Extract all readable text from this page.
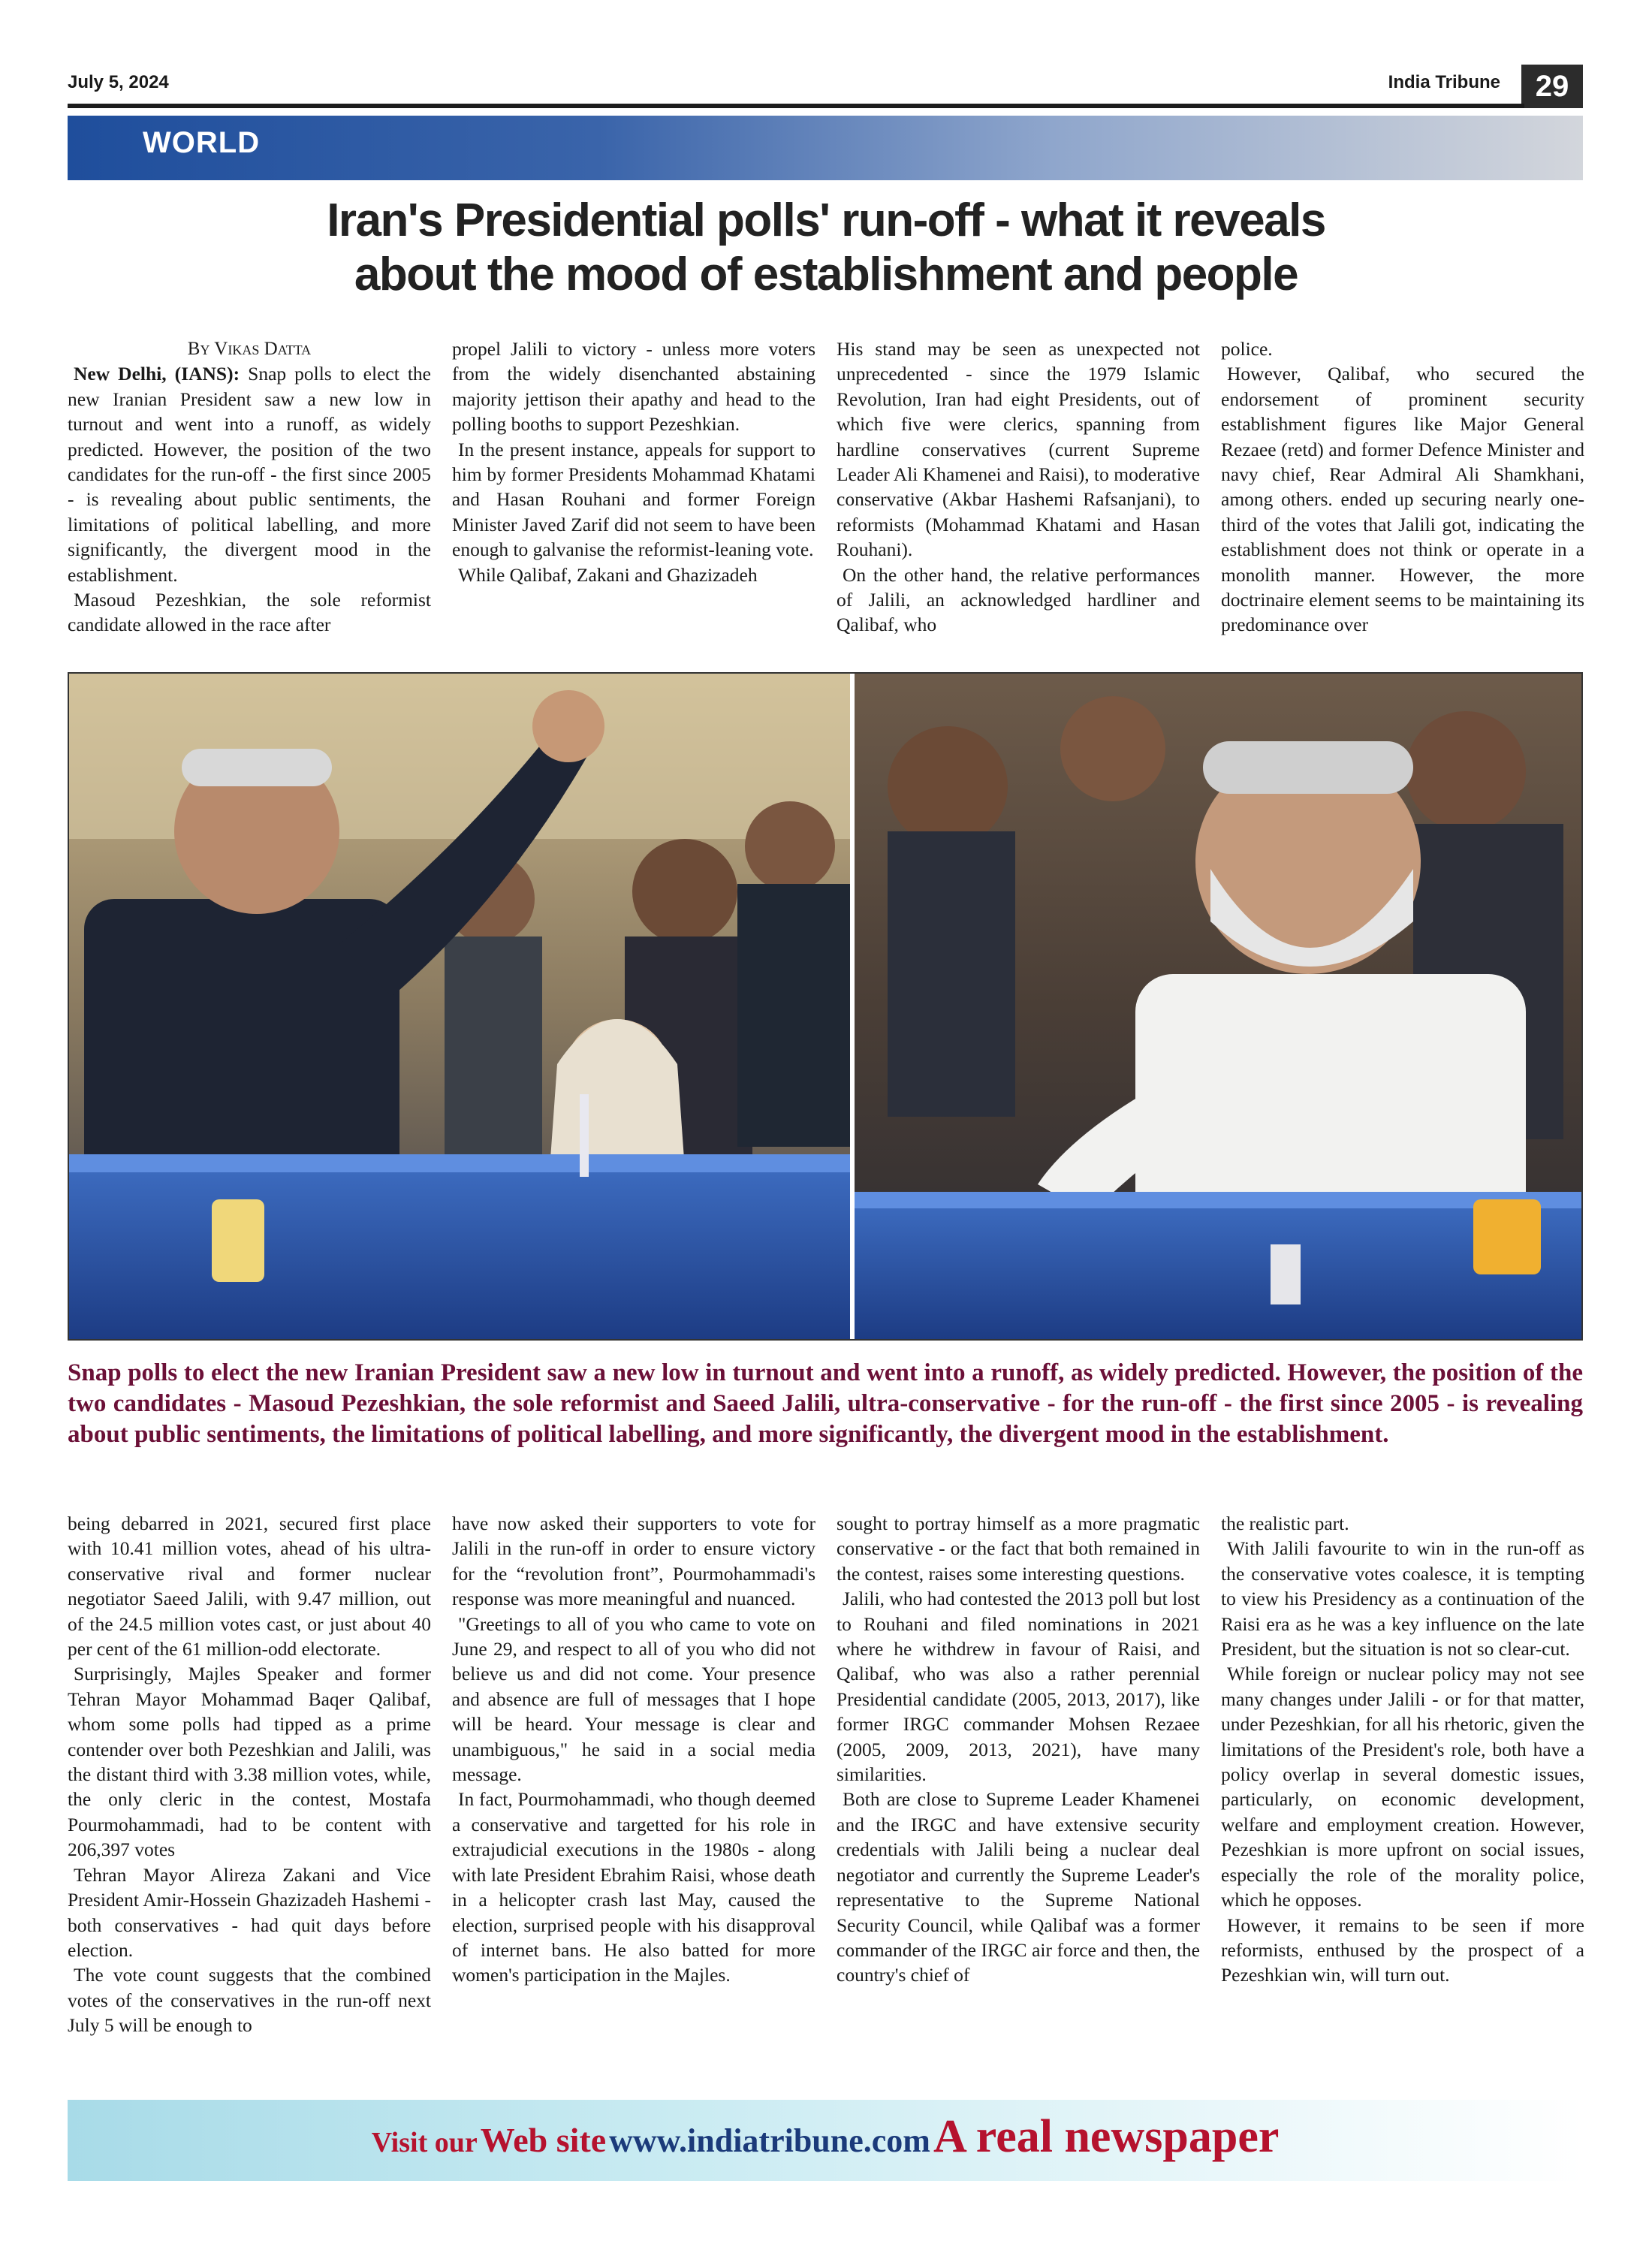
July 5, 2024	India Tribune	29
WORLD
Iran's Presidential polls' run-off - what it reveals
about the mood of establishment and people

By Vikas Datta

New Delhi, (IANS): Snap polls to elect the new Iranian President saw a new low in turnout and went into a runoff, as widely predicted. However, the position of the two candidates for the run-off - the first since 2005 - is revealing about public sentiments, the limitations of political labelling, and more significantly, the divergent mood in the establishment.

Masoud Pezeshkian, the sole reformist candidate allowed in the race after

propel Jalili to victory - unless more voters from the widely disenchanted abstaining majority jettison their apathy and head to the polling booths to support Pezeshkian.

In the present instance, appeals for support to him by former Presidents Mohammad Khatami and Hasan Rouhani and former Foreign Minister Javed Zarif did not seem to have been enough to galvanise the reformist-leaning vote.

While Qalibaf, Zakani and Ghazizadeh

His stand may be seen as unexpected not unprecedented - since the 1979 Islamic Revolution, Iran had eight Presidents, out of which five were clerics, spanning from hardline conservatives (current Supreme Leader Ali Khamenei and Raisi), to moderative conservative (Akbar Hashemi Rafsanjani), to reformists (Mohammad Khatami and Hasan Rouhani).

On the other hand, the relative performances of Jalili, an acknowledged hardliner and Qalibaf, who

police.

However, Qalibaf, who secured the endorsement of prominent security establishment figures like Major General Rezaee (retd) and former Defence Minister and navy chief, Rear Admiral Ali Shamkhani, among others. ended up securing nearly one-third of the votes that Jalili got, indicating the establishment does not think or operate in a monolith manner. However, the more doctrinaire element seems to be maintaining its predominance over

Snap polls to elect the new Iranian President saw a new low in turnout and went into a runoff, as widely predicted. However, the position of the two candidates - Masoud Pezeshkian, the sole reformist and Saeed Jalili, ultra-conservative - for the run-off - the first since 2005 - is revealing about public sentiments, the limitations of political labelling, and more significantly, the divergent mood in the establishment.

being debarred in 2021, secured first place with 10.41 million votes, ahead of his ultra-conservative rival and former nuclear negotiator Saeed Jalili, with 9.47 million, out of the 24.5 million votes cast, or just about 40 per cent of the 61 million-odd electorate.

Surprisingly, Majles Speaker and former Tehran Mayor Mohammad Baqer Qalibaf, whom some polls had tipped as a prime contender over both Pezeshkian and Jalili, was the distant third with 3.38 million votes, while, the only cleric in the contest, Mostafa Pourmohammadi, had to be content with 206,397 votes

Tehran Mayor Alireza Zakani and Vice President Amir-Hossein Ghazizadeh Hashemi - both conservatives - had quit days before election.

The vote count suggests that the combined votes of the conservatives in the run-off next July 5 will be enough to

have now asked their supporters to vote for Jalili in the run-off in order to ensure victory for the “revolution front”, Pourmohammadi's response was more meaningful and nuanced.

"Greetings to all of you who came to vote on June 29, and respect to all of you who did not believe us and did not come. Your presence and absence are full of messages that I hope will be heard. Your message is clear and unambiguous," he said in a social media message.

In fact, Pourmohammadi, who though deemed a conservative and targetted for his role in extrajudicial executions in the 1980s - along with late President Ebrahim Raisi, whose death in a helicopter crash last May, caused the election, surprised people with his disapproval of internet bans. He also batted for more women's participation in the Majles.

sought to portray himself as a more pragmatic conservative - or the fact that both remained in the contest, raises some interesting questions.

Jalili, who had contested the 2013 poll but lost to Rouhani and filed nominations in 2021 where he withdrew in favour of Raisi, and Qalibaf, who was also a rather perennial Presidential candidate (2005, 2013, 2017), like former IRGC commander Mohsen Rezaee (2005, 2009, 2013, 2021), have many similarities.

Both are close to Supreme Leader Khamenei and the IRGC and have extensive security credentials with Jalili being a nuclear deal negotiator and currently the Supreme Leader's representative to the Supreme National Security Council, while Qalibaf was a former commander of the IRGC air force and then, the country's chief of

the realistic part.

With Jalili favourite to win in the run-off as the conservative votes coalesce, it is tempting to view his Presidency as a continuation of the Raisi era as he was a key influence on the late President, but the situation is not so clear-cut.

While foreign or nuclear policy may not see many changes under Jalili - or for that matter, under Pezeshkian, for all his rhetoric, given the limitations of the President's role, both have a policy overlap in several domestic issues, particularly, on economic development, welfare and employment creation. However, Pezeshkian is more upfront on social issues, especially the role of the morality police, which he opposes.

However, it remains to be seen if more reformists, enthused by the prospect of a Pezeshkian win, will turn out.

Visit our Web site www.indiatribune.com A real newspaper
